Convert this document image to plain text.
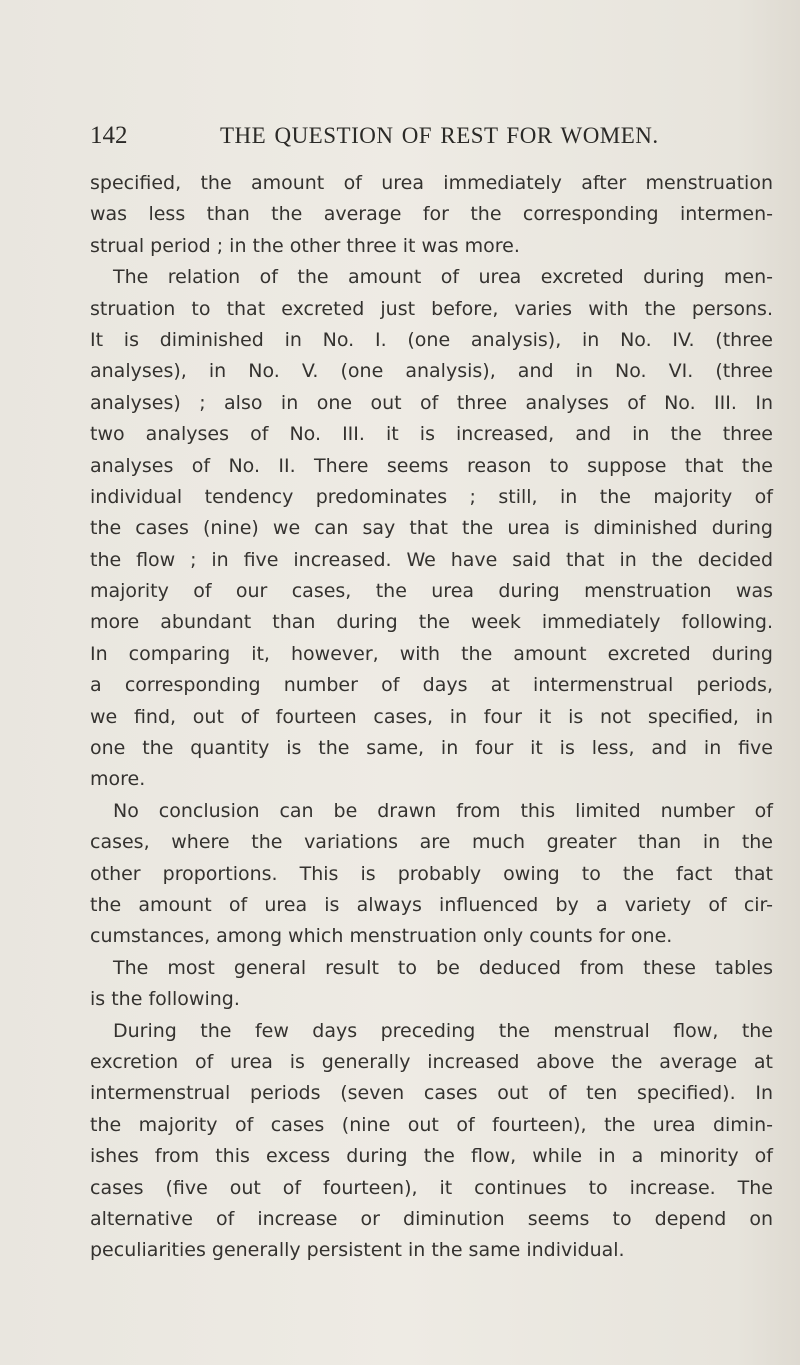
142	THE QUESTION OF REST FOR WOMEN.
specified, the amount of urea immediately after menstruation
was less than the average for the corresponding intermen-
strual period ; in the other three it was more.
The relation of the amount of urea excreted during men-
struation to that excreted just before, varies with the persons.
It is diminished in No. I. (one analysis), in No. IV. (three
analyses), in No. V. (one analysis), and in No. VI. (three
analyses) ; also in one out of three analyses of No. III. In
two analyses of No. III. it is increased, and in the three
analyses of No. II. There seems reason to suppose that the
individual tendency predominates ; still, in the majority of
the cases (nine) we can say that the urea is diminished during
the flow ; in five increased. We have said that in the decided
majority of our cases, the urea during menstruation was
more abundant than during the week immediately following.
In comparing it, however, with the amount excreted during
a corresponding number of days at intermenstrual periods,
we find, out of fourteen cases, in four it is not specified, in
one the quantity is the same, in four it is less, and in five
more.
No conclusion can be drawn from this limited number of
cases, where the variations are much greater than in the
other proportions. This is probably owing to the fact that
the amount of urea is always influenced by a variety of cir-
cumstances, among which menstruation only counts for one.
The most general result to be deduced from these tables
is the following.
During the few days preceding the menstrual flow, the
excretion of urea is generally increased above the average at
intermenstrual periods (seven cases out of ten specified). In
the majority of cases (nine out of fourteen), the urea dimin-
ishes from this excess during the flow, while in a minority of
cases (five out of fourteen), it continues to increase. The
alternative of increase or diminution seems to depend on
peculiarities generally persistent in the same individual.
